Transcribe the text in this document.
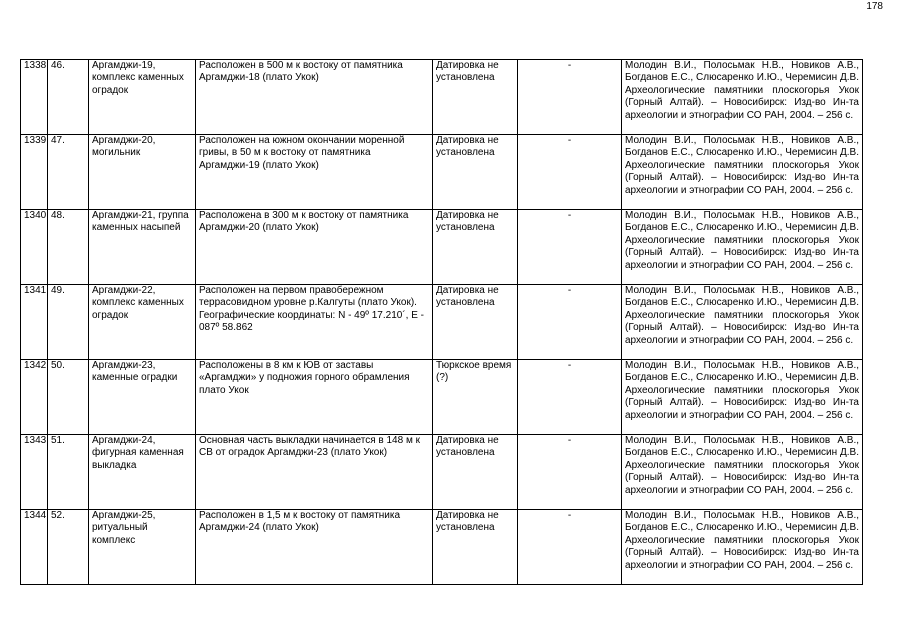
178
1338	46.	Аргамджи-19, комплекс каменных оградок	Расположен в 500 м к востоку от памятника Аргамджи-18 (плато Укок)	Датировка не установлена	-	Молодин В.И., Полосьмак Н.В., Новиков А.В., Богданов Е.С., Слюсаренко И.Ю., Черемисин Д.В. Археологические памятники плоскогорья Укок (Горный Алтай). – Новосибирск: Изд-во Ин-та археологии и этнографии СО РАН, 2004. – 256 с.
1339	47.	Аргамджи-20, могильник	Расположен на южном окончании моренной гривы, в 50 м к востоку от памятника Аргамджи-19 (плато Укок)	Датировка не установлена	-	Молодин В.И., Полосьмак Н.В., Новиков А.В., Богданов Е.С., Слюсаренко И.Ю., Черемисин Д.В. Археологические памятники плоскогорья Укок (Горный Алтай). – Новосибирск: Изд-во Ин-та археологии и этнографии СО РАН, 2004. – 256 с.
1340	48.	Аргамджи-21, группа каменных насыпей	Расположена в 300 м к востоку от памятника Аргамджи-20 (плато Укок)	Датировка не установлена	-	Молодин В.И., Полосьмак Н.В., Новиков А.В., Богданов Е.С., Слюсаренко И.Ю., Черемисин Д.В. Археологические памятники плоскогорья Укок (Горный Алтай). – Новосибирск: Изд-во Ин-та археологии и этнографии СО РАН, 2004. – 256 с.
1341	49.	Аргамджи-22, комплекс каменных оградок	Расположен на первом правобережном террасовидном уровне р.Калгуты (плато Укок). Географические координаты: N - 49º 17.210´, E - 087º 58.862	Датировка не установлена	-	Молодин В.И., Полосьмак Н.В., Новиков А.В., Богданов Е.С., Слюсаренко И.Ю., Черемисин Д.В. Археологические памятники плоскогорья Укок (Горный Алтай). – Новосибирск: Изд-во Ин-та археологии и этнографии СО РАН, 2004. – 256 с.
1342	50.	Аргамджи-23, каменные оградки	Расположены в 8 км к ЮВ от заставы «Аргамджи» у подножия горного обрамления плато Укок	Тюркское время (?)	-	Молодин В.И., Полосьмак Н.В., Новиков А.В., Богданов Е.С., Слюсаренко И.Ю., Черемисин Д.В. Археологические памятники плоскогорья Укок (Горный Алтай). – Новосибирск: Изд-во Ин-та археологии и этнографии СО РАН, 2004. – 256 с.
1343	51.	Аргамджи-24, фигурная каменная выкладка	Основная часть выкладки начинается в 148 м к СВ от оградок Аргамджи-23 (плато Укок)	Датировка не установлена	-	Молодин В.И., Полосьмак Н.В., Новиков А.В., Богданов Е.С., Слюсаренко И.Ю., Черемисин Д.В. Археологические памятники плоскогорья Укок (Горный Алтай). – Новосибирск: Изд-во Ин-та археологии и этнографии СО РАН, 2004. – 256 с.
1344	52.	Аргамджи-25, ритуальный комплекс	Расположен в 1,5 м к востоку от памятника Аргамджи-24 (плато Укок)	Датировка не установлена	-	Молодин В.И., Полосьмак Н.В., Новиков А.В., Богданов Е.С., Слюсаренко И.Ю., Черемисин Д.В. Археологические памятники плоскогорья Укок (Горный Алтай). – Новосибирск: Изд-во Ин-та археологии и этнографии СО РАН, 2004. – 256 с.
